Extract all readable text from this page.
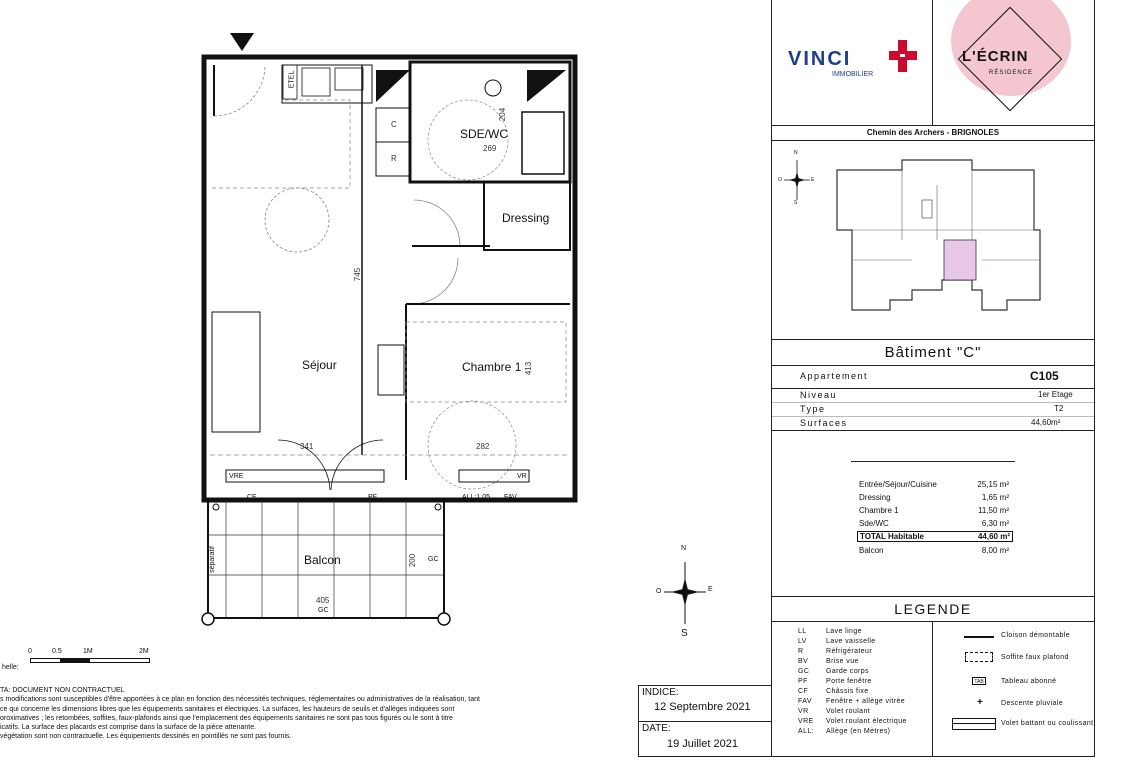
Séjour	Chambre 1
SDE/WC
Dressing
Balcon
745
341	282
413
204
269
200
405
ETEL
C
R
VRE
CF	PF
VR
ALL:1.05 FAV
GC
GC
séparatif	N
S
O	E
0	0.5	1M	2M
helle:
TA: DOCUMENT NON CONTRACTUEL
s modifications sont susceptibles d'être apportées à ce plan en fonction des nécessités techniques, réglementaires ou administratives de la réalisation, tant
ce qui concerne les dimensions libres que les équipements sanitaires et électriques. La surfaces, les hauteurs de seuils et d'allèges indiquées sont
oroximatives ; les retombées, soffites, faux-plafonds ainsi que l'emplacement des équipements sanitaires ne sont pas tous figurés ou le sont à titre
icatifs. La surface des placards est comprise dans la surface de la pièce attenante.
végétation sont non contractuelle. Les équipements dessinés en pointillés ne sont pas fournis.
INDICE:
12 Septembre 2021
DATE:
19 Juillet 2021
VINCI
IMMOBILIER
L'ÉCRIN
RÉSIDENCE
Chemin des Archers - BRIGNOLES
N
S
O	E
Bâtiment "C"
Appartement	C105
Niveau	1er Etage
Type	T2
Surfaces	44,60m²
Entrée/Séjour/Cuisine	25,15 m²
Dressing	1,65 m²
Chambre 1	11,50 m²
Sde/WC	6,30 m²
TOTAL Habitable	44,60 m²
Balcon	8,00 m²
LEGENDE
LL	Lave linge
LV	Lave vaisselle
R	Réfrigérateur
BV	Brise vue
GC Garde corps
PF	Porte fenêtre
CF	Châssis fixe
FAV Fenêtre + allège vitrée
VR Volet roulant
VRE Volet roulant électrique
ALL: Allège (en Mètres)
Cloison démontable
Soffite faux plafond
TAB	Tableau abonné
+	Descente pluviale
Volet battant ou coulissant
